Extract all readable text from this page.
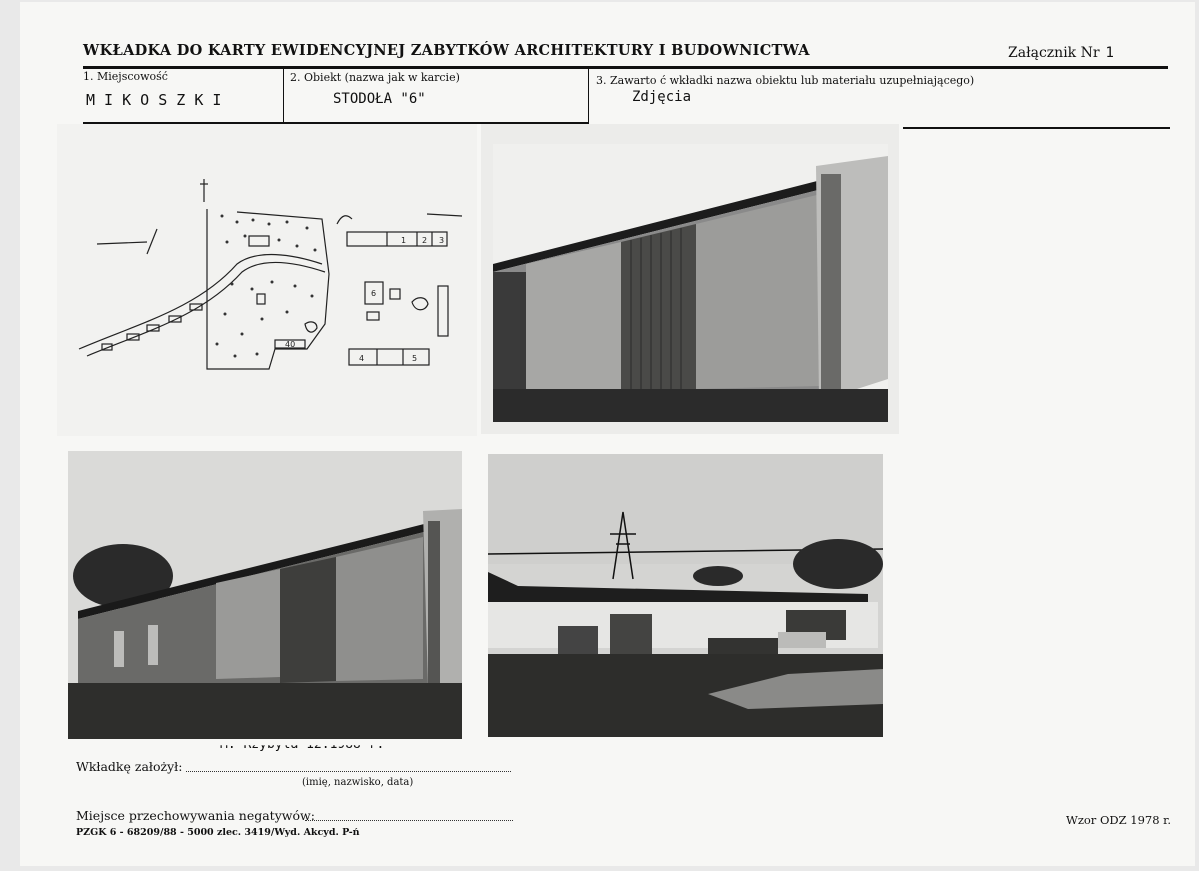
WKŁADKA DO KARTY EWIDENCYJNEJ ZABYTKÓW ARCHITEKTURY I BUDOWNICTWA	Załącznik Nr 1
1. Miejscowość
M I K O S Z K I
2. Obiekt (nazwa jak w karcie)
STODOŁA "6"
3. Zawarto ć wkładki nazwa obiektu lub materiału uzupełniającego)
Zdjęcia
1 2 3
4	5
6
40
Wkładkę założył:
(imię, nazwisko, data)
Miejsce przechowywania negatywów:
PZGK 6 - 68209/88 - 5000 zlec. 3419/Wyd. Akcyd. P-ń
Wzor ODZ 1978 r.
